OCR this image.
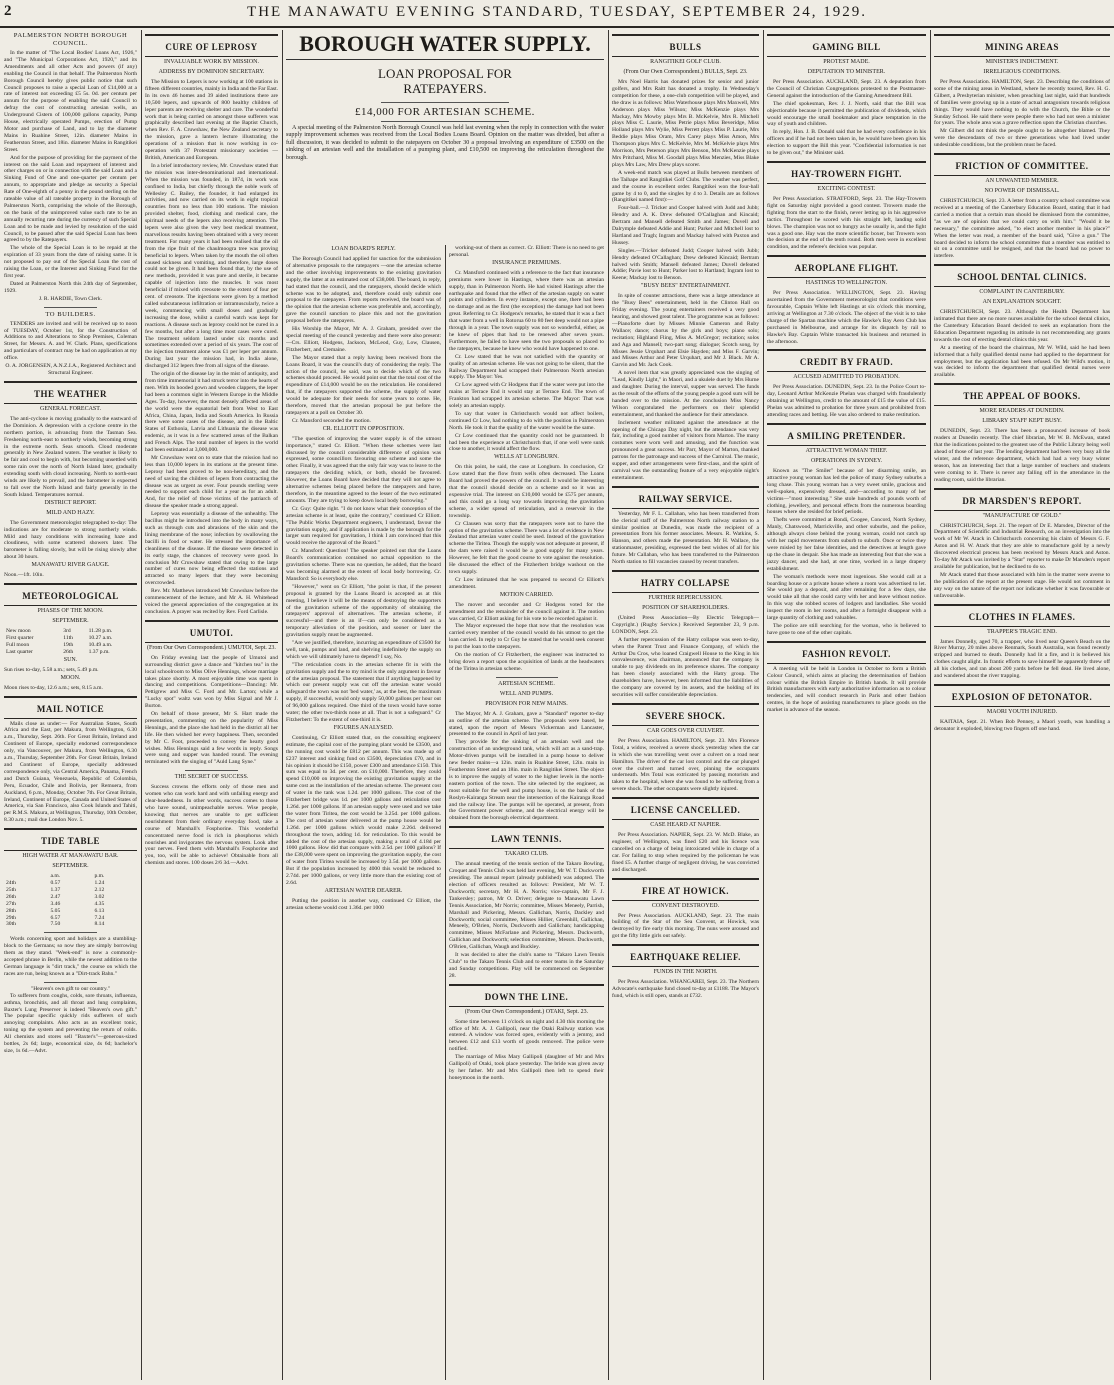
2	THE MANAWATU EVENING STANDARD, TUESDAY, SEPTEMBER 24, 1929.
PALMERSTON NORTH BOROUGH COUNCIL.

In the matter of "The Local Bodies' Loans Act, 1926," and "The Municipal Corporations Act, 1920," and its Amendments and all other Acts and powers (if any) enabling the Council in that behalf. The Palmerston North Borough Council hereby gives public notice that such Council proposes to raise a special Loan of £14,000 at a rate of interest not exceeding £5 5s. 0d. per centum per annum for the purpose of enabling the said Council to defray the cost of constructing artesian wells, an Underground Cistern of 100,000 gallons capacity, Pump House, electrically operated Pumps, erection of Pump Motor and purchase of Land, and to lay the diameter Mains in Ruahine Street, 12in. diameter Mains in Featherston Street, and 18in. diameter Mains in Rangitikei Street.

And for the purpose of providing for the payment of the interest on the said Loan and repayment of interest and other charges on or in connection with the said Loan and a Sinking Fund of One and one-quarter per centum per annum, to appropriate and pledge as security a Special Rate of One-eighth of a penny in the pound sterling on the rateable value of all rateable property in the Borough of Palmerston North, comprising the whole of the Borough, on the basis of the unimproved value such rate to be an annually recurring rate during the currency of such Special Loan and to be made and levied by resolution of the said Council, to be passed after the said Special Loan has been agreed to by the Ratepayers.

The whole of the Special Loan is to be repaid at the expiration of 33 years from the date of raising same. It is not proposed to pay out of the Special Loan the cost of raising the Loan, or the Interest and Sinking Fund for the first year.

Dated at Palmerston North this 24th day of September, 1929.

J. R. HARDIE, Town Clerk.
TO BUILDERS.

TENDERS are invited and will be received up to noon of TUESDAY, October 1st, for the Construction of Additions to and Alterations to Shop Premises, Coleman Street, for Messrs. A. and W. Clark. Plans, specifications and particulars of contract may be had on application at my office.

O. A. JORGENSEN, A.N.Z.I.A., Registered Architect and Structural Engineer.
THE WEATHER
GENERAL FORECAST.

The anti-cyclone is moving gradually to the eastward of the Dominion. A depression with a cyclone centre in the northern portion, is advancing from the Tasman Sea. Freshening north-east to northerly winds, becoming strong in the extreme north. Seas smooth. Cloud moderate generally in New Zealand waters. The weather is likely to be fair and cool to begin with, but becoming unsettled with some rain over the north of North Island later, gradually extending south with cloud increasing. North to north-east winds are likely to prevail, and the barometer is expected to fall over the North Island and fairly generally in the South Island. Temperatures normal.

DISTRICT REPORT.
MILD AND HAZY.

The Government meteorologist telegraphed to-day: The indications are for moderate to strong northerly winds. Mild and hazy conditions with increasing haze and cloudiness, with some scattered showers later. The barometer is falling slowly, but will be rising slowly after about 30 hours.

MANAWATU RIVER GAUGE.
Noon.—1ft. 10in.
METEOROLOGICAL
PHASES OF THE MOON.
SEPTEMBER.
New moon	3rd	11.28 p.m.
First quarter	11th	10.27 a.m.
Full moon	19th	10.49 a.m.
Last quarter	26th	1.37 p.m.
SUN.
Sun rises to-day, 5.58 a.m.; sets, 5.49 p.m.
MOON.
Moon rises to-day, 12.6 a.m.; sets, 8.15 a.m.
MAIL NOTICE

Mails close as under:— For Australian States, South Africa and the East, per Makura, from Wellington, 6.30 a.m., Thursday, Sept. 26th. For Great Britain, Ireland and Continent of Europe, specially endorsed correspondence only, via Vancouver, per Makura, from Wellington, 6.30 a.m., Thursday, September 26th. For Great Britain, Ireland and Continent of Europe, specially addressed correspondence only, via Central America, Panama, French and Dutch Guiana, Venezuela, Republic of Colombia, Peru, Ecuador, Chile and Bolivia, per Remuera, from Auckland, 6 p.m., Monday, October 7th. For Great Britain, Ireland, Continent of Europe, Canada and United States of America, via San Francisco, also Cook Islands and Tahiti, per R.M.S. Makura, at Wellington, Thursday, 10th October, 8.30 a.m.; mail due London Nov. 5.

TIDE TABLE
HIGH WATER AT MANAWATU BAR.
SEPTEMBER.
	a.m.	p.m.
24th	0.57	1.24
25th	1.37	2.12
26th	2.47	3.02
27th	3.46	4.35
28th	5.05	6.13
29th	6.57	7.24
30th	7.50	8.14

Words concerning sport and holidays are a stumbling-block to the Germans; so now they are simply borrowing them as they stand. "Week-end" is now a commonly-accepted phrase in Berlin, while the newest addition to the German language is "dirt track," the course on which the races are run, being known as a "Dirt-track Bahn."

"Heaven's own gift to our country."

To sufferers from coughs, colds, sore throats, influenza, asthma, bronchitis, and all throat and lung complaints, Baxter's Lung Preserver is indeed "Heaven's own gift." The popular specific quickly rids sufferers of such annoying complaints. Also acts as an excellent tonic, toning up the system and preventing the return of colds. All chemists and stores sell "Baxter's"—generous-sized bottles, 2s 6d; large, economical size, 4s 6d; bachelor's size, 1s 6d.—Advt.

CURE OF LEPROSY
INVALUABLE WORK BY MISSION.
ADDRESS BY DOMINION SECRETARY.

The Mission to Lepers is now working at 100 stations in fifteen different countries, mainly in India and the Far East. In its own 46 homes and 39 aided institutions there are 10,500 lepers, and upwards of 800 healthy children of leper parents are receiving shelter and care. The wonderful work that is being carried on amongst those sufferers was graphically described last evening at the Baptist Church, when Rev. F. A. Cruwshaw, the New Zealand secretary to the mission, gave a lantern lecture illustrating the operations of a mission that is now working in co-operation with 37 Protestant missionary societies — British, American and European.

In a brief introductory review, Mr. Cruwshaw stated that the mission was inter-denominational and international. When the mission was founded, in 1874, its work was confined to India, but chiefly through the noble work of Wellesley C. Bailey, the founder, it had enlarged its activities, and now carried on its work in eight tropical countries from no less than 100 stations. The mission provided shelter, food, clothing and medical care, the spiritual needs of the lepers also receiving attention. The lepers were also given the very best medical treatment, marvellous results having been obtained with a very recent treatment. For many years it had been realised that the oil from the ripe fruit of the chaulmoogra tree was proving beneficial to lepers. When taken by the mouth the oil often caused sickness and vomiting, and therefore, large doses could not be given. It had been found that, by the use of new methods, provided it was pure and sterile, it became capable of injection into the muscles. It was most beneficial if mixed with creosote to the extent of four per cent. of creosote. The injections were given by a method called subcutaneous infiltration or intramuscularly, twice a week, commencing with small doses and gradually increasing the dose, whilst a careful watch was kept for reactions. A disease such as leprosy could not be cured in a few months, but after a long time most cases were cured. The treatment seldom lasted under six months and sometimes extended over a period of six years. The cost of the injection treatment alone was £1 per leper per annum. During last year the mission had, in India alone, discharged 312 lepers free from all signs of the disease.

The origin of the disease lay in the mist of antiquity, and from time immemorial it had struck terror into the hearts of men. With its hooded gown and wooden clappers, the leper had been a common sight in Western Europe in the Middle Ages. To-day, however, the most densely affected areas of the world were the equatorial belt from West to East Africa, China, Japan, India and South America. In Russia there were some cases of the disease, and in the Baltic States of Esthonia, Latvia and Lithuania the disease was endemic, as it was in a few scattered areas of the Balkan and French Alps. The total number of lepers in the world had been estimated at 3,000,000.

Mr Cruwshaw went on to state that the mission had no less than 10,000 lepers in its stations at the present time. Leprosy had been proved to be non-hereditary, and the need of saving the children of lepers from contracting the disease was as urgent as ever. Four pounds sterling were needed to support each child for a year as for an adult. And, for the relief of those victims of the patriarch of disease the speaker made a strong appeal.

Leprosy was essentially a disease of the unhealthy. The bacillus might be introduced into the body in many ways, such as through cuts and abrasions of the skin and the lining membrane of the nose; infection by swallowing the bacilli in food or water. He stressed the importance of cleanliness of the disease. If the disease were detected in its early stage, the chances of recovery were good. In conclusion Mr Cruwshaw stated that owing to the large number of cures now being effected the stations and attracted so many lepers that they were becoming overcrowded.

Rev. Mr. Matthews introduced Mr Cruwshaw before the commencement of the lecture, and Mr A. H. Whitehead voiced the general appreciation of the congregation at its conclusion. A prayer was recited by Rev. Ford Carlisle.

UMUTOI.
(From Our Own Correspondent.) UMUTOI, Sept. 23.

On Friday evening last the people of Umutoi and surrounding district gave a dance and "kitchen tea" in the local schoolroom to Miss Olive Hennings, whose marriage takes place shortly. A most enjoyable time was spent in dancing and competitions. Competitions—Dancing: Mr. Pettigrew and Miss C. Ford and Mr. Larton; while a "Lucky spot" waltz was won by Miss Signal and Mr J. Burton.

On behalf of those present, Mr S. Hart made the presentation, commenting on the popularity of Miss Hennings, and the place she had held in the district all her life. He then wished her every happiness. Then, seconded by Mr C. Foot, proceeded to convey the hearty good wishes. Miss Hennings said a few words in reply. Songs were sung and supper was handed round. The evening terminated with the singing of "Auld Lang Syne."

THE SECRET OF SUCCESS.

Success crowns the efforts only of those men and women who can work hard and with unfailing energy and clear-headedness. In other words, success comes to those who have sound, unimpeachable nerves. Wise people, knowing that nerves are unable to get sufficient nourishment from their ordinary everyday food, take a course of Marshall's Fosphorine. This wonderful concentrated nerve food is rich in phosphorus which nourishes and invigorates the nervous system. Look after your nerves. Feed them with Marshall's Fosphorine and you, too, will be able to achieve! Obtainable from all chemists and stores. 100 doses 2/6 3d.—Advt.

BOROUGH WATER SUPPLY.
LOAN PROPOSAL FOR RATEPAYERS.
£14,000 FOR ARTESIAN SCHEME.

A special meeting of the Palmerston North Borough Council was held last evening when the reply in connection with the water supply improvement schemes was received from the Local Bodies Loans Board. Opinion on the matter was divided, but after a full discussion, it was decided to submit to the ratepayers on October 30 a proposal involving an expenditure of £3500 on the sinking of an artesian well and the installation of a pumping plant, and £10,500 on improving the reticulation throughout the borough.

LOAN BOARD'S REPLY.

The Borough Council had applied for sanction for the submission of alternative proposals to the ratepayers —one the artesian scheme and the other involving improvements to the existing gravitation supply, the latter at an estimated cost of £38,000. The board, in reply, had stated that the council, and the ratepayers, should decide which scheme was to be adopted, and, therefore could only submit one proposal to the ratepayers. From reports received, the board was of the opinion that the artesian scheme was preferable and, accordingly, gave the council sanction to place this and not the gravitation proposal before the ratepayers.

His Worship the Mayor, Mr A. J. Graham, presided over the special meeting of the council yesterday and there were also present:—Crs. Elliott, Hodgens, Jackson, McLeod, Guy, Low, Clausen, Fitzherbert, and Cremaine.

The Mayor stated that a reply having been received from the Loans Board, it was the council's duty of considering the reply. The action of the council, he said, was to decide which of the two schemes should proceed. He would point out that the total cost of the expenditure of £14,000 would be on the reticulation. He considered that, if the ratepayers supported the scheme, the supply of water would be adequate for their needs for some years to come. He, therefore, moved that the artesian proposal be put before the ratepayers at a poll on October 30.

Cr. Mansford seconded the motion.

CR. ELLIOTT IN OPPOSITION.

"The question of improving the water supply is of the utmost importance," stated Cr. Elliott. "When these schemes were last discussed by the council considerable difference of opinion was expressed, some councillors favouring one scheme and some the other. Finally, it was agreed that the only fair way was to leave to the ratepayers the deciding which, or both, should be favoured. However, the Loans Board have decided that they will not agree to alternative schemes being placed before the ratepayers and have, therefore, in the meantime agreed to the lesser of the two estimated amounts. They are trying to keep down local body borrowing."

Cr. Guy: Quite right. "I do not know what their conception of the artesian scheme is at least, quite the contrary," continued Cr Elliott. "The Public Works Department engineers, I understand, favour the gravitation supply, and if application is made by the borough for the larger sum required for gravitation, I think I am convinced that this would receive the approval of the Board."

Cr. Mansford: Question! The speaker pointed out that the Loans Board's communication contained no actual opposition to the gravitation scheme. There was no question, he added, that the board was becoming alarmed at the extent of local body borrowing. Cr. Mansford: So is everybody else.

"However," went on Cr Elliott, "the point is that, if the present proposal is granted by the Loans Board is accepted as at this meeting, I believe it will be the means of destroying the supporters of the gravitation scheme of the opportunity of obtaining the ratepayers' approval of alternatives. The artesian scheme, if successful—and there is an if—can only be considered as a temporary alleviation of the position, and sooner or later the gravitation supply must be augmented.

"Are we justified, therefore, incurring an expenditure of £3500 for well, tank, pumps and land, and shelving indefinitely the supply on which we will ultimately have to depend? I say, No.

"The reticulation costs in the artesian scheme fit in with the gravitation supply and the to my mind is the only argument in favour of the artesian proposal. The statement that if anything happened by which our present supply was cut off the artesian water would safeguard the town was not 'bed water,' as, at the best, the maximum supply, if successful, would only supply 50,000 gallons per hour out of 96,000 gallons required. One third of the town would have some water; the other two-thirds none at all. That is not a safeguard." Cr Fitzherbert: To the extent of one-third it is.

FIGURES ANALYSED.

Continuing, Cr Elliott stated that, on the consulting engineers' estimate, the capital cost of the pumping plant would be £3500, and the running cost would be £812 per annum. This was made up of £237 interest and sinking fund on £3500, depreciation £70, and in his opinion it should be £150, power £300 and attendance £150. This sum was equal to 3d. per cent. on £10,000. Therefore, they could spend £10,000 on improving the existing gravitation supply at the same cost as the installation of the artesian scheme. The present cost of water in the tank was 1.2d. per 1000 gallons. The cost of the Fitzherbert bridge was 1d. per 1000 gallons and reticulation cost 1.26d. per 1000 gallons. If an artesian supply were used and we take the water from Tiritea, the cost would be 3.25d. per 1000 gallons. The cost of artesian water delivered at the pump house would be 1.26d. per 1000 gallons which would make 2.26d. delivered throughout the town, adding 1d. for reticulation. To this would be added the cost of the artesian supply, making a total of 4.18d per 1000 gallons. How did that compare with 2.5d. per 1000 gallons? If the £38,000 were spent on improving the gravitation supply, the cost of water from Tiritea would be increased by 3.5d. per 1000 gallons. But if the population increased by 4000 this would be reduced to 2.74d. per 1000 gallons, or very little more than the existing cost of 2.6d.

ARTESIAN WATER DEARER.

Putting the position in another way, continued Cr Elliott, the artesian scheme would cost 1.36d. per 1000

working-out of them as correct. Cr. Elliott: There is no need to get personal.

INSURANCE PREMIUMS.

Cr. Mansford continued with a reference to the fact that insurance premiums were lower in Hastings, where there was an artesian supply, than in Palmerston North. He had visited Hastings after the earthquake and found that the effect of the artesian supply on water points and cylinders. In every instance, except one, there had been no damage and as the first (the exception) the damage had not been great. Referring to Cr. Hodgens's remarks, he stated that it was a fact that water from a well in Rotorua 60 to 80 feet deep would not a pipe through in a year. The town supply was not so wonderful, either, as he knew of pipes that had to be renewed after seven years. Furthermore, he failed to have seen the two proposals so placed to the ratepayers, because he knew who would have happened to one.

Cr. Low stated that he was not satisfied with the quantity or quality of an artesian scheme. He was not going to be silent, that the Railway Department had scrapped their Palmerston North artesian supply. The Mayor: Yes.

Cr Low agreed with Cr Hodgens that if the water were put into the mains at Terrace End it would stay at Terrace End. The town of Frankton had scrapped its artesian scheme. The Mayor: That was solely an artesian supply.

To say that water in Christchurch would not affect boilers, continued Cr Low, had nothing to do with the position in Palmerston North. He took it that the quality of the water would be the same.

Cr Low continued that the quantity could not be guaranteed. It had been the experience at Christchurch that, if one well were sunk close to another, it would affect the flow.

WELLS AT LONGBURN.

On this point, he said, the case at Longburn. In conclusion, Cr Low stated that the flow from wells often decreased. The Loans Board had proved the powers of the council. It would be interesting that the council should decide on a scheme and so it was an expensive trial. The interest on £10,000 would be £575 per annum, and this could go a long way towards improving the gravitation scheme, a wider spread of reticulation, and a reservoir in the township.

Cr Clausen was sorry that the ratepayers were not to have the option of the gravitation scheme. There was a lot of evidence in New Zealand that artesian water could be used. Instead of the gravitation scheme the Tiritea. Though the supply was not adequate at present, if the dam were raised it would be a good supply for many years. However, he felt that the good course to vote against the resolution. He discussed the effect of the Fitzherbert bridge washout on the town supply.

Cr Low intimated that he was prepared to second Cr Elliott's amendment.

MOTION CARRIED.

The mover and seconder and Cr Hodgens voted for the amendment and the remainder of the council against it. The motion was carried, Cr Elliott asking for his vote to be recorded against it.

The Mayor expressed the hope that now that the resolution was carried every member of the council would do his utmost to get the loan carried. In reply to Cr Guy he stated that he would seek consent to put the loan to the ratepayers.

On the motion of Cr Fitzherbert, the engineer was instructed to bring down a report upon the acquisition of lands at the headwaters of the Tiritea in artesian scheme.

ARTESIAN SCHEME.
WELL AND PUMPS.
PROVISION FOR NEW MAINS.

The Mayor, Mr A. J. Graham, gave a "Standard" reporter to-day an outline of the artesian scheme. The proposals were based, he stated, upon the report of Messrs Vickerman and Lancaster, presented to the council in April of last year.

They provide for the sinking of an artesian well and the construction of an underground tank, which will act as a sand-trap. Motor-driven pumps will be installed in a pump house to deliver new feeder mains—a 12in. main in Ruahine Street, 12in. main in Featherston Street and an 18in. main in Rangitikei Street. The object is to improve the supply of water to the higher levels in the north-eastern portion of the town. The site selected by the engineer, as most suitable for the well and pump house, is on the bank of the Roslyn-Kairanga Stream near the intersection of the Kairanga Road and the railway line. The pumps will be operated, at present, from the Government power scheme, and the electrical energy will be obtained from the borough electrical department.

LAWN TENNIS.
TAKARO CLUB.

The annual meeting of the tennis section of the Takaro Bowling, Croquet and Tennis Club was held last evening, Mr W. T. Duckworth presiding. The annual report (already published) was adopted. The election of officers resulted as follows: President, Mr W. T. Duckworth; secretary, Mr H. A. Norris; vice-captain, Mr F. J. Tankersley; patron, Mr O. Driver; delegate to Manawatu Lawn Tennis Association, Mr Norris; committee, Misses Meneely, Parrish, Marshall and Pickering, Messrs. Gallichan, Norris, Dackley and Dockworth; social committee, Misses Hillier, Greenhill, Gallichan, Meneely, O'Brien, Norris, Duckworth and Gallichan; handicapping committee, Misses McFarlane and Pickering, Messrs. Duckworth, Gallichan and Dockworth; selection committee, Messrs. Duckworth, O'Brien, Gallichan, Waugh and Buckley.

It was decided to alter the club's name to "Takaro Lawn Tennis Club" to the Takaro Tennis Club and to enter teams in the Saturday and Sunday competitions. Play will be commenced on September 28.

DOWN THE LINE.
(From Our Own Correspondent.) OTAKI, Sept. 23.

Some time between 11 o'clock on night and 4.30 this morning the office of Mr. A. J. Gallipoli, near the Otaki Railway station was entered. A window was forced open, evidently with a jemmy, and between £12 and £13 worth of goods removed. The police were notified.

The marriage of Miss Mary Gallipoli (daughter of Mr and Mrs Gallipoli) of Otaki, took place yesterday. The bride was given away by her father. Mr and Mrs Gallipoli then left to spend their honeymoon in the north.

BULLS
RANGITIKEI GOLF CLUB.
(From Our Own Correspondent.) BULLS, Sept. 23.

Mrs Noel Harris has donated prizes for senior and junior golfers, and Mrs Raitt has donated a trophy. In Wednesday's competition for these, a one-club competition will be played, and the draw is as follows: Miss Waterhouse plays Mrs Maxwell, Mrs Anderson plays Miss Wilson; Miss McKenzie plays Mrs Mackay, Mrs Mowby plays Mrs B. McKelvie, Mrs R. Mitchell plays Miss C. Laurie, Miss Petrie plays Miss Beveridge, Miss Holland plays Mrs Wylie, Miss Perrett plays Miss P. Laurie, Mrs Beddie plays Miss Oram, Mrs Carey plays Miss Amon, Mrs Thompson plays Mrs C. McKelvie, Mrs M. McKelvie plays Mrs Morrison, Mrs Peterson plays Mrs Benson, Mrs McKenzie plays Mrs Pritchard, Miss M. Goodall plays Miss Menzies, Miss Blake plays Mrs Law, Mrs Drew plays scorer.

A week-end match was played at Bulls between members of the Taihape and Rangitikei Golf Clubs. The weather was perfect, and the course in excellent order. Rangitikei won the four-ball game by 4 to 0, and the singles by 4 to 3. Details are as follows (Rangitikei named first):—

Four-ball.—J. Tricker and Cooper halved with Judd and Jubb; Hendry and A. K. Drew defeated O'Callaghan and Kincaid; Bertram and Mansell defeated Smith and James; Duvell and Dalrymple defeated Addie and Hunt; Parker and Mitchell lost to Hartland and Tragh; Ingram and Mackay halved with Paxton and Hussey.

Singles.—Tricker defeated Judd; Cooper halved with Jubb; Hendry defeated O'Callaghan; Drew defeated Kincaid; Bertram halved with Smith; Mansell defeated James; Duvell defeated Addie; Pavie lost to Hunt; Parker lost to Hartland; Ingram lost to Keene; Mackay lost to Benson.

"BUSY BEES" ENTERTAINMENT.

In spite of counter attractions, there was a large attendance at the "Busy Bees" entertainment, held in the Clinton Hall on Friday evening. The young entertainers received a very good hearing, and showed great talent. The programme was as follows:—Pianoforte duet by Misses Minnie Cameron and Ruby Wallace; dance; chorus by the girls and boys; piano solo; recitation; Highland Fling, Miss A. McGregor; recitation; solos and Aga and Mansell; two-part song; dialogue; Scotch song, by Misses Jessie Urquhart and Elsie Hayden; and Miss F. Garvin; and Misses Arthur and Peter Urquhart, and Mr J. Black. Mr A. Garvin and Mr. Jack Cook.

A novel item that was greatly appreciated was the singing of "Lead, Kindly Light," in Maori, and a ukulele duet by Mrs Hurne and daughter. During the interval, supper was served. The funds as the result of the efforts of the young people a good sum will be handed over to the mission. At the conclusion Miss Nancy Wilson congratulated the performers on their splendid entertainment, and thanked the audience for their attendance.

Inclement weather militated against the attendance at the opening of the Chicago Day night, but the attendance was very fair, including a good number of visitors from Marton. The many costumes were worn well and amusing, and the function was pronounced a great success. Mr Parr, Mayor of Marton, thanked patrons for the patronage and success of the Carnival. The music, supper, and other arrangements were first-class, and the spirit of carnival was the outstanding feature of a very enjoyable night's entertainment.

RAILWAY SERVICE.

Yesterday, Mr F. L. Callahan, who has been transferred from the clerical staff of the Palmerston North railway station to a similar position at Dunedin, was made the recipient of a presentation from his former associates. Messrs. R. Watkins, S. Hanson, and others made the presentation. Mr H. Wallace, the stationmaster, presiding, expressed the best wishes of all for his future. Mr Callahan, who has been transferred to the Palmerston North station to fill vacancies caused by recent transfers.

HATRY COLLAPSE
FURTHER REPERCUSSION.
POSITION OF SHAREHOLDERS.

(United Press Association—By Electric Telegraph—Copyright.) (Rugby Service.) Received September 23, 9 p.m. LONDON, Sept. 23.

A further repercussion of the Hatry collapse was seen to-day, when the Parent Trust and Finance Company, of which the Arthur Du Cros, who loaned Craigwell House to the King in his convalescence, was chairman, announced that the company is unable to pay dividends on its preference shares. The company has been closely associated with the Hatry group. The shareholders have, however, been informed that the liabilities of the company are covered by its assets, and the holding of its securities will suffer considerable depreciation.

SEVERE SHOCK.
CAR GOES OVER CULVERT.

Per Press Association. HAMILTON, Sept. 23. Mrs Florence Total, a widow, received a severe shock yesterday when the car in which she was travelling went over a culvert on a road near Hamilton. The driver of the car lost control and the car plunged over the culvert and turned over, pinning the occupants underneath. Mrs Total was extricated by passing motorists and taken to the hospital, where she was found to be suffering from a severe shock. The other occupants were slightly injured.

LICENSE CANCELLED.
CASE HEARD AT NAPIER.

Per Press Association. NAPIER, Sept. 23. W. McD. Blake, an engineer, of Wellington, was fined £20 and his licence was cancelled on a charge of being intoxicated while in charge of a car. For failing to stop when required by the policeman he was fined £5. A further charge of negligent driving, he was convicted and discharged.

FIRE AT HOWICK.
CONVENT DESTROYED.

Per Press Association. AUCKLAND, Sept. 23. The main building of the Star of the Sea Convent, at Howick, was destroyed by fire early this morning. The nuns were aroused and got the fifty little girls out safely.

EARTHQUAKE RELIEF.
FUNDS IN THE NORTH.

Per Press Association. WHANGAREI, Sept. 23. The Northern Advocate's earthquake fund closed to-day at £1188. The Mayor's fund, which is still open, stands at £732.

GAMING BILL
PROTEST MADE.
DEPUTATION TO MINISTER.

Per Press Association. AUCKLAND, Sept. 23. A deputation from the Council of Christian Congregations protested to the Postmaster-General against the introduction of the Gaming Amendment Bill.

The chief spokesman, Rev. J. J. North, said that the Bill was objectionable because it permitted the publication of dividends, which would encourage the small bookmaker and place temptation in the way of youth and children.

In reply, Hon. J. B. Donald said that he had every confidence in his officers and if he had not been taken in, he would have been given his election to support the Bill this year. "Confidential information is not to be given out," the Minister said.

HAY-TROWERN FIGHT.
EXCITING CONTEST.

Per Press Association. STRATFORD, Sept. 23. The Hay-Trowern fight on Saturday night provided a good contest. Trowern made the fighting from the start to the finish, never letting up in his aggressive tactics. Throughout he scored with his straight left, landing solid blows. The champion was not so hungry as he usually is, and the fight was a good one. Hay was the more scientific boxer, but Trowern won the decision at the end of the tenth round. Both men were in excellent condition, and the referee's decision was popular.

AEROPLANE FLIGHT.
HASTINGS TO WELLINGTON.

Per Press Association. WELLINGTON, Sept. 23. Having ascertained from the Government meteorologist that conditions were favourable, Captain White left Hastings at six o'clock this morning, arriving at Wellington at 7.30 o'clock. The object of the visit is to take charge of the Spartan machine which the Hawke's Bay Aero Club has purchased in Melbourne, and arrange for its dispatch by rail to Hawke's Bay. Captain White transacted his business and returned in the afternoon.

CREDIT BY FRAUD.
ACCUSED ADMITTED TO PROBATION.

Per Press Association. DUNEDIN, Sept. 23. In the Police Court to-day, Leonard Arthur McKenzie Phelan was charged with fraudulently obtaining at Wellington, credit to the amount of £15 the value of £15. Phelan was admitted to probation for three years and prohibited from attending races and betting. He was also ordered to make restitution.

A SMILING PRETENDER.
ATTRACTIVE WOMAN THIEF.
OPERATIONS IN SYDNEY.

Known as "The Smiler" because of her disarming smile, an attractive young woman has led the police of many Sydney suburbs a long chase. This young woman has a very sweet smile, gracious and well-spoken, expensively dressed, and—according to many of her victims—"most interesting." She stole hundreds of pounds worth of clothing, jewellery, and personal effects from the numerous boarding houses where she resided for brief periods.

Thefts were committed at Bondi, Coogee, Concord, North Sydney, Manly, Chatswood, Marrickville, and other suburbs, and the police, although always close behind the young woman, could not catch up with her rapid movements from suburb to suburb. Once or twice they were misled by her false identities, and the detectives at length gave up the chase in despair. She has made an interesting feat that she was a jazzy dancer, and she had, at one time, worked in a large drapery establishment.

The woman's methods were most ingenious. She would call at a boarding house or a private house where a room was advertised to let. She would pay a deposit, and after remaining for a few days, she would take all that she could carry with her and leave without notice. In this way she robbed scores of lodgers and landladies. She would inspect the room in her rooms, and after a fortnight disappear with a large quantity of clothing and valuables.

The police are still searching for the woman, who is believed to have gone to one of the other capitals.

FASHION REVOLT.

A meeting will be held in London in October to form a British Colour Council, which aims at placing the determination of fashion colour within the British Empire in British hands. It will provide British manufacturers with early authoritative information as to colour tendencies, and will conduct research in Paris and other fashion centres, in the hope of assisting manufacturers to place goods on the market in advance of the season.

MINING AREAS
MINISTER'S INDICTMENT.
IRRELIGIOUS CONDITIONS.

Per Press Association. HAMILTON, Sept. 23. Describing the conditions of some of the mining areas in Westland, where he recently toured, Rev. H. G. Gilbert, a Presbyterian minister, when preaching last night, said that hundreds of families were growing up in a state of actual antagonism towards religious things. They would have nothing to do with the Church, the Bible or the Sunday School. He said there were people there who had not seen a minister for years. The whole area was a grave reflection upon the Christian churches.

Mr Gilbert did not think the people ought to be altogether blamed. They were the descendants of two or three generations who had lived under undesirable conditions, but the problem must be faced.

FRICTION OF COMMITTEE.
AN UNWANTED MEMBER.
NO POWER OF DISMISSAL.

CHRISTCHURCH, Sept. 23. A letter from a country school committee was received at a meeting of the Canterbury Education Board, stating that it had carried a motion that a certain man should be dismissed from the committee, "as we are of opinion that we could carry on with him." "Would it be necessary," the committee asked, "to elect another member in his place?" When the letter was read, a member of the board said, "Give a gun." The board decided to inform the school committee that a member was entitled to sit on a committee until he resigned, and that the board had no power to interfere.

SCHOOL DENTAL CLINICS.
COMPLAINT IN CANTERBURY.
AN EXPLANATION SOUGHT.

CHRISTCHURCH, Sept. 23. Although the Health Department has intimated that there are no more nurses available for the school dental clinics, the Canterbury Education Board decided to seek an explanation from the Education Department regarding its attitude in not recommending any grants towards the cost of erecting dental clinics this year.

At a meeting of the board the chairman, Mr W. Wild, said he had been informed that a fully qualified dental nurse had applied to the department for employment, but the application had been refused. On Mr Wild's motion, it was decided to inform the department that qualified dental nurses were available.

THE APPEAL OF BOOKS.
MORE READERS AT DUNEDIN.
LIBRARY STAFF KEPT BUSY.

DUNEDIN, Sept. 23. There has been a pronounced increase of book readers at Dunedin recently. The chief librarian, Mr W. B. McEwan, stated that the indications pointed to the greatest use of the Public Library being well ahead of those of last year. The lending department had been very busy all the winter, and the reference department, which had had a very busy winter season, has an interesting fact that a large number of teachers and students were coming to it. There is never any falling off in the attendance in the reading room, said the librarian.

DR MARSDEN'S REPORT.
"MANUFACTURE OF GOLD."

CHRISTCHURCH, Sept. 21. The report of Dr E. Marsden, Director of the Department of Scientific and Industrial Research, on an investigation into the work of Mr W. Atack in Christchurch concerning his claim of Messrs G. F. Aston and H. W. Atack that they are able to manufacture gold by a newly discovered electrical process has been received by Messrs Atack and Aston. To-day Mr Atack was invited by a "Star" reporter to make Dr Marsden's report available for publication, but he declined to do so.

Mr Atack stated that those associated with him in the matter were averse to the publication of the report at the present stage. He would not comment in any way on the nature of the report nor indicate whether it was favourable or unfavourable.

CLOTHES IN FLAMES.
TRAPPER'S TRAGIC END.

James Donnelly, aged 70, a trapper, who lived near Queen's Beach on the River Murray, 20 miles above Renmark, South Australia, was found recently stripped and burned to death. Donnelly had lit a fire, and it is believed his clothes caught alight. In frantic efforts to save himself he apparently threw off all his clothes, and ran about 200 yards before he fell dead. He lived alone, and wandered about the river trapping.

EXPLOSION OF DETONATOR.
MAORI YOUTH INJURED.

KAITAIA, Sept. 21. When Bob Penney, a Maori youth, was handling a detonator it exploded, blowing two fingers off one hand.
